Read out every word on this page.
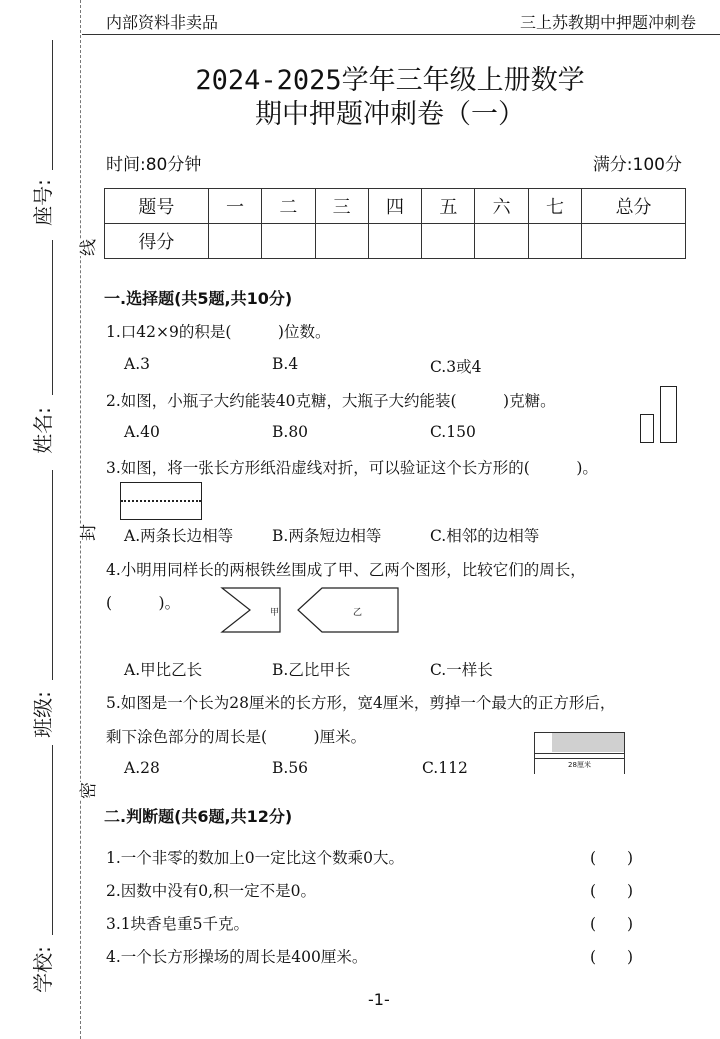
内部资料非卖品	三上苏教期中押题冲刺卷
座号:
姓名:
班级:
学校:
线
封
密
2024-2025学年三年级上册数学
期中押题冲刺卷（一）
时间:80分钟	满分:100分
题号	一	二	三	四	五	六	七	总分
得分								
一.选择题(共5题,共10分)
1.口42×9的积是(　　　)位数。
A.3	B.4	C.3或4
2.如图，小瓶子大约能装40克糖，大瓶子大约能装(　　　)克糖。
A.40	B.80	C.150
3.如图，将一张长方形纸沿虚线对折，可以验证这个长方形的(　　　)。
A.两条长边相等	B.两条短边相等	C.相邻的边相等
4.小明用同样长的两根铁丝围成了甲、乙两个图形，比较它们的周长，
(　　　)。
甲	乙
A.甲比乙长	B.乙比甲长	C.一样长
5.如图是一个长为28厘米的长方形，宽4厘米，剪掉一个最大的正方形后，
剩下涂色部分的周长是(　　　)厘米。
28厘米
A.28	B.56	C.112
二.判断题(共6题,共12分)
1.一个非零的数加上0一定比这个数乘0大。	(　　)
2.因数中没有0,积一定不是0。	(　　)
3.1块香皂重5千克。	(　　)
4.一个长方形操场的周长是400厘米。	(　　)
-1-
